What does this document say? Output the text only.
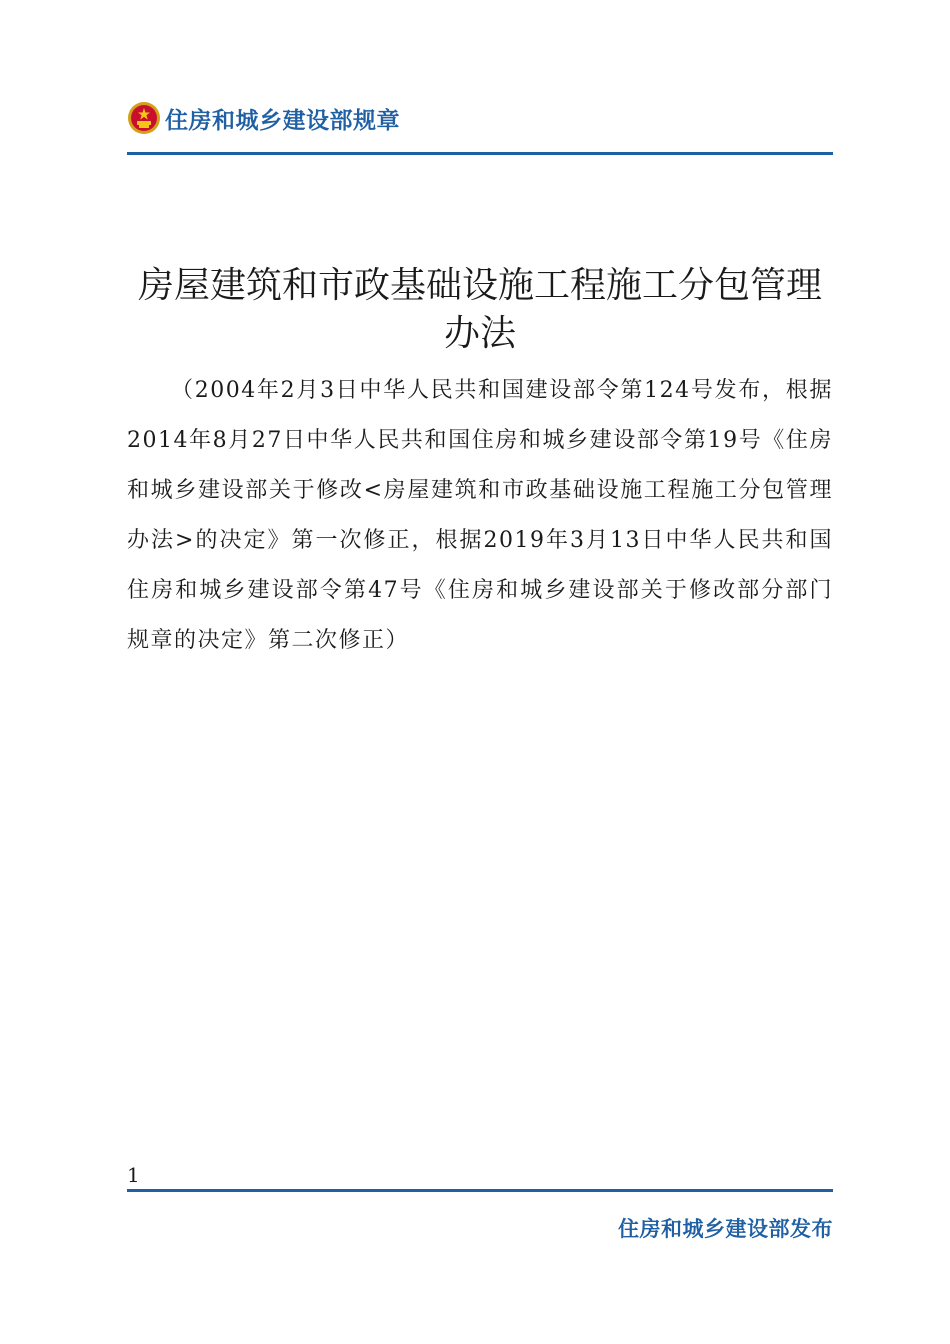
住房和城乡建设部规章
房屋建筑和市政基础设施工程施工分包管理办法

（2004年2月3日中华人民共和国建设部令第124号发布，根据2014年8月27日中华人民共和国住房和城乡建设部令第19号《住房和城乡建设部关于修改<房屋建筑和市政基础设施工程施工分包管理办法>的决定》第一次修正，根据2019年3月13日中华人民共和国住房和城乡建设部令第47号《住房和城乡建设部关于修改部分部门规章的决定》第二次修正）

1
住房和城乡建设部发布
